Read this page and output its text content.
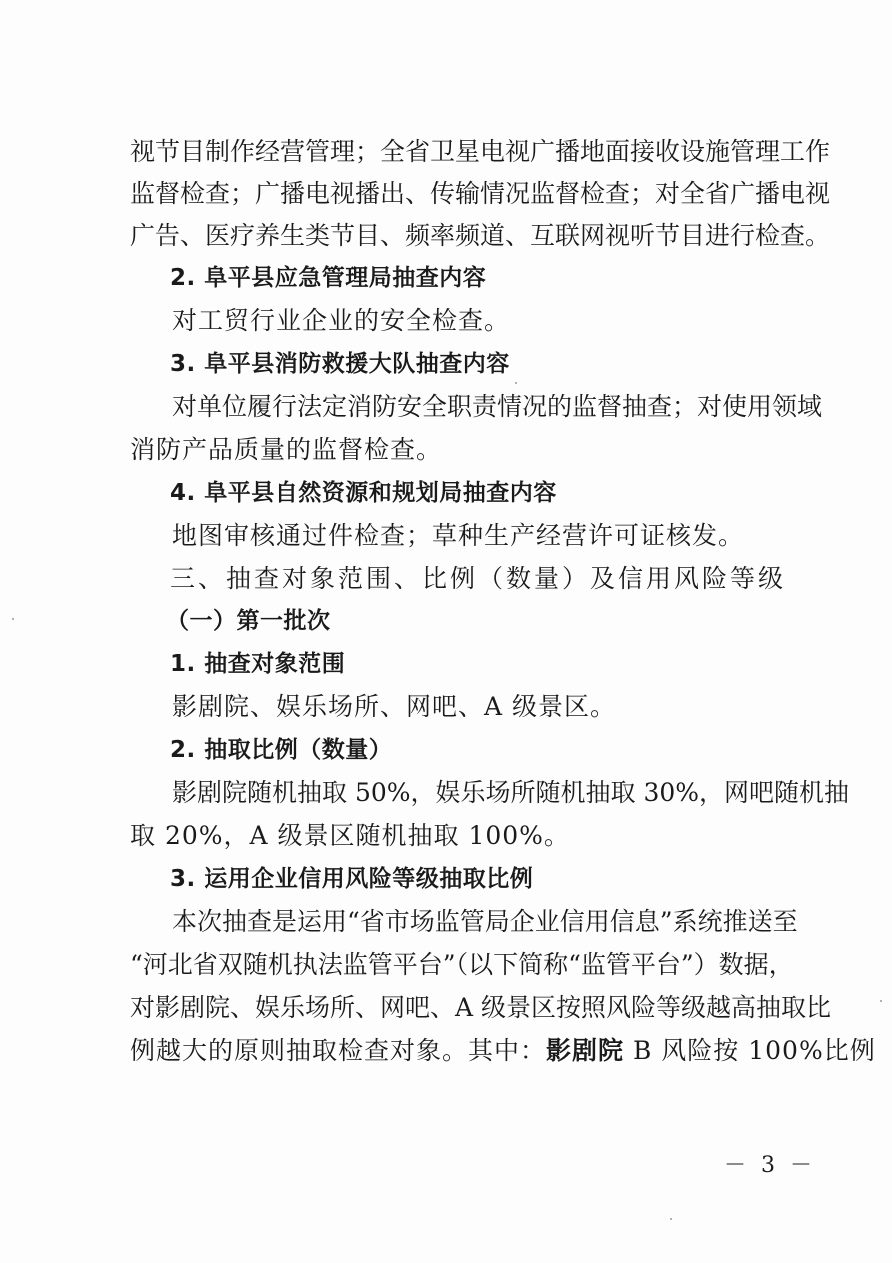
视节目制作经营管理；全省卫星电视广播地面接收设施管理工作
监督检查；广播电视播出、传输情况监督检查；对全省广播电视
广告、医疗养生类节目、频率频道、互联网视听节目进行检查。
2. 阜平县应急管理局抽查内容
对工贸行业企业的安全检查。
3. 阜平县消防救援大队抽查内容
对单位履行法定消防安全职责情况的监督抽查；对使用领域
消防产品质量的监督检查。
4. 阜平县自然资源和规划局抽查内容
地图审核通过件检查；草种生产经营许可证核发。
三、抽查对象范围、比例（数量）及信用风险等级
（一）第一批次
1. 抽查对象范围
影剧院、娱乐场所、网吧、A 级景区。
2. 抽取比例（数量）
影剧院随机抽取 50%，娱乐场所随机抽取 30%，网吧随机抽
取 20%，A 级景区随机抽取 100%。
3. 运用企业信用风险等级抽取比例
本次抽查是运用“省市场监管局企业信用信息”系统推送至
“河北省双随机执法监管平台”（以下简称“监管平台”）数据，
对影剧院、娱乐场所、网吧、A 级景区按照风险等级越高抽取比
例越大的原则抽取检查对象。其中：影剧院 B 风险按 100%比例
－ 3 －
